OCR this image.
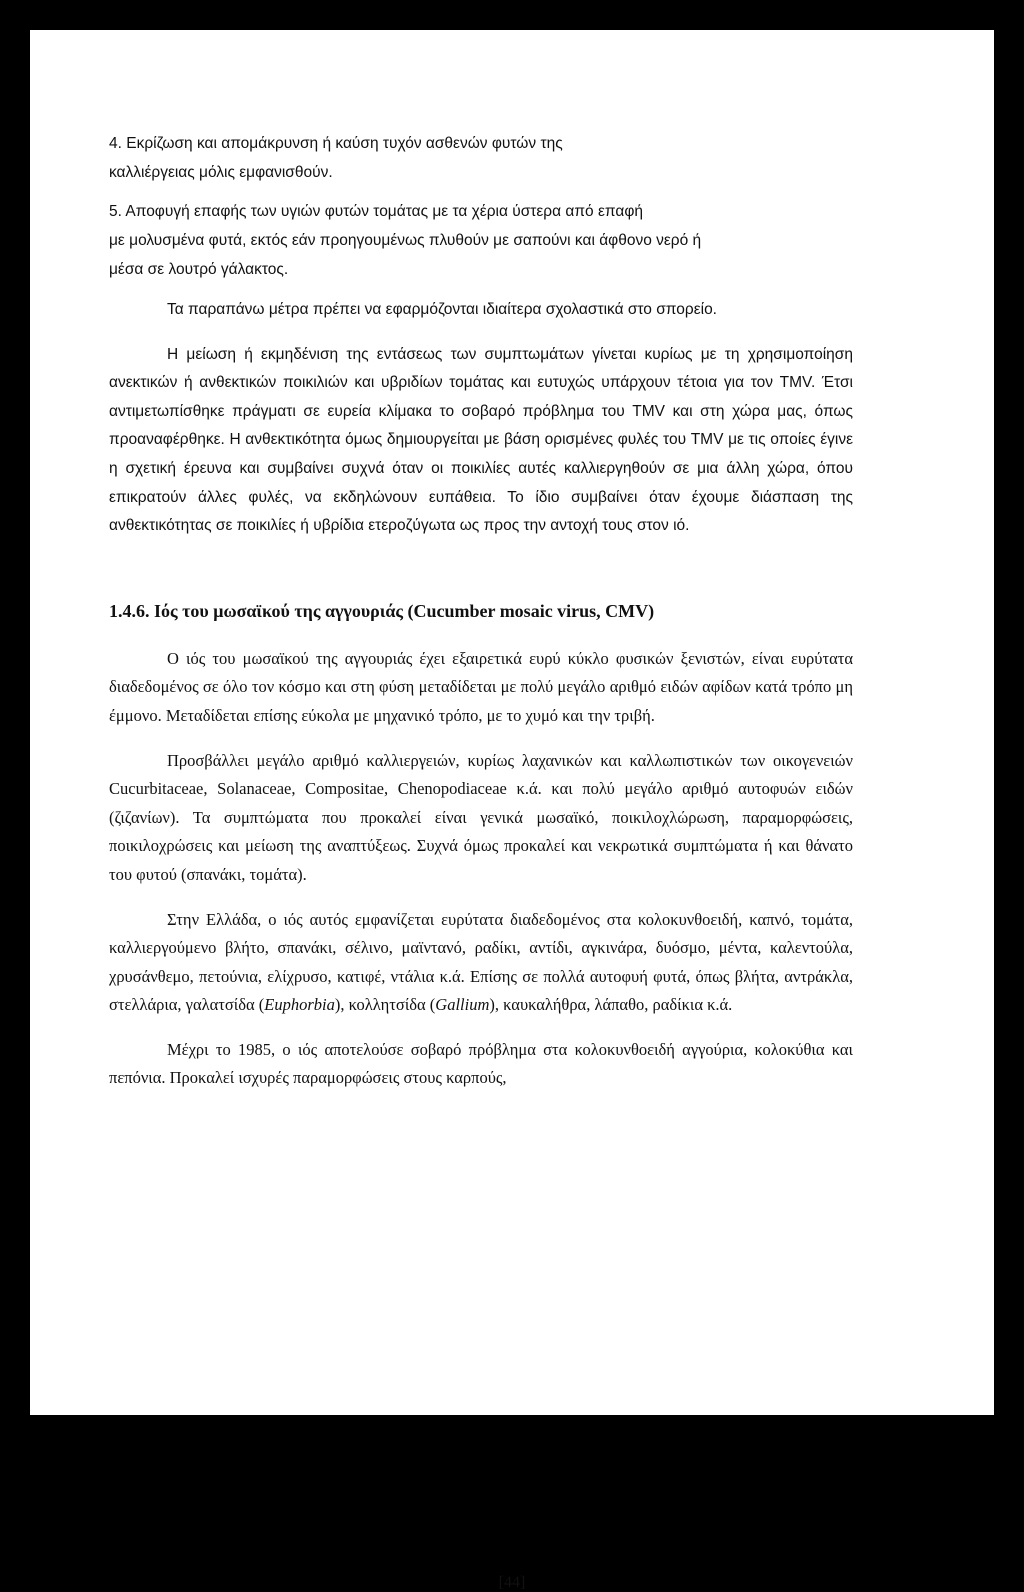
4. Εκρίζωση και απομάκρυνση ή καύση τυχόν ασθενών φυτών της
καλλιέργειας μόλις εμφανισθούν.

5. Αποφυγή επαφής των υγιών φυτών τομάτας με τα χέρια ύστερα από επαφή
με μολυσμένα φυτά, εκτός εάν προηγουμένως πλυθούν με σαπούνι και άφθονο νερό ή
μέσα σε λουτρό γάλακτος.

Τα παραπάνω μέτρα πρέπει να εφαρμόζονται ιδιαίτερα σχολαστικά στο σπορείο.

Η μείωση ή εκμηδένιση της εντάσεως των συμπτωμάτων γίνεται κυρίως με τη χρησιμοποίηση ανεκτικών ή ανθεκτικών ποικιλιών και υβριδίων τομάτας και ευτυχώς υπάρχουν τέτοια για τον TMV. Έτσι αντιμετωπίσθηκε πράγματι σε ευρεία κλίμακα το σοβαρό πρόβλημα του TMV και στη χώρα μας, όπως προαναφέρθηκε. Η ανθεκτικότητα όμως δημιουργείται με βάση ορισμένες φυλές του TMV με τις οποίες έγινε η σχετική έρευνα και συμβαίνει συχνά όταν οι ποικιλίες αυτές καλλιεργηθούν σε μια άλλη χώρα, όπου επικρατούν άλλες φυλές, να εκδηλώνουν ευπάθεια. Το ίδιο συμβαίνει όταν έχουμε διάσπαση της ανθεκτικότητας σε ποικιλίες ή υβρίδια ετεροζύγωτα ως προς την αντοχή τους στον ιό.

1.4.6. Ιός του μωσαϊκού της αγγουριάς (Cucumber mosaic virus, CMV)

Ο ιός του μωσαϊκού της αγγουριάς έχει εξαιρετικά ευρύ κύκλο φυσικών ξενιστών, είναι ευρύτατα διαδεδομένος σε όλο τον κόσμο και στη φύση μεταδίδεται με πολύ μεγάλο αριθμό ειδών αφίδων κατά τρόπο μη έμμονο. Μεταδίδεται επίσης εύκολα με μηχανικό τρόπο, με το χυμό και την τριβή.

Προσβάλλει μεγάλο αριθμό καλλιεργειών, κυρίως λαχανικών και καλλωπιστικών των οικογενειών Cucurbitaceae, Solanaceae, Compositae, Chenopodiaceae κ.ά. και πολύ μεγάλο αριθμό αυτοφυών ειδών (ζιζανίων). Τα συμπτώματα που προκαλεί είναι γενικά μωσαϊκό, ποικιλοχλώρωση, παραμορφώσεις, ποικιλοχρώσεις και μείωση της αναπτύξεως. Συχνά όμως προκαλεί και νεκρωτικά συμπτώματα ή και θάνατο του φυτού (σπανάκι, τομάτα).

Στην Ελλάδα, ο ιός αυτός εμφανίζεται ευρύτατα διαδεδομένος στα κολοκυνθοειδή, καπνό, τομάτα, καλλιεργούμενο βλήτο, σπανάκι, σέλινο, μαϊντανό, ραδίκι, αντίδι, αγκινάρα, δυόσμο, μέντα, καλεντούλα, χρυσάνθεμο, πετούνια, ελίχρυσο, κατιφέ, ντάλια κ.ά. Επίσης σε πολλά αυτοφυή φυτά, όπως βλήτα, αντράκλα, στελλάρια, γαλατσίδα (Euphorbia), κολλητσίδα (Gallium), καυκαλήθρα, λάπαθο, ραδίκια κ.ά.

Μέχρι το 1985, ο ιός αποτελούσε σοβαρό πρόβλημα στα κολοκυνθοειδή αγγούρια, κολοκύθια και πεπόνια. Προκαλεί ισχυρές παραμορφώσεις στους καρπούς,

[44]
